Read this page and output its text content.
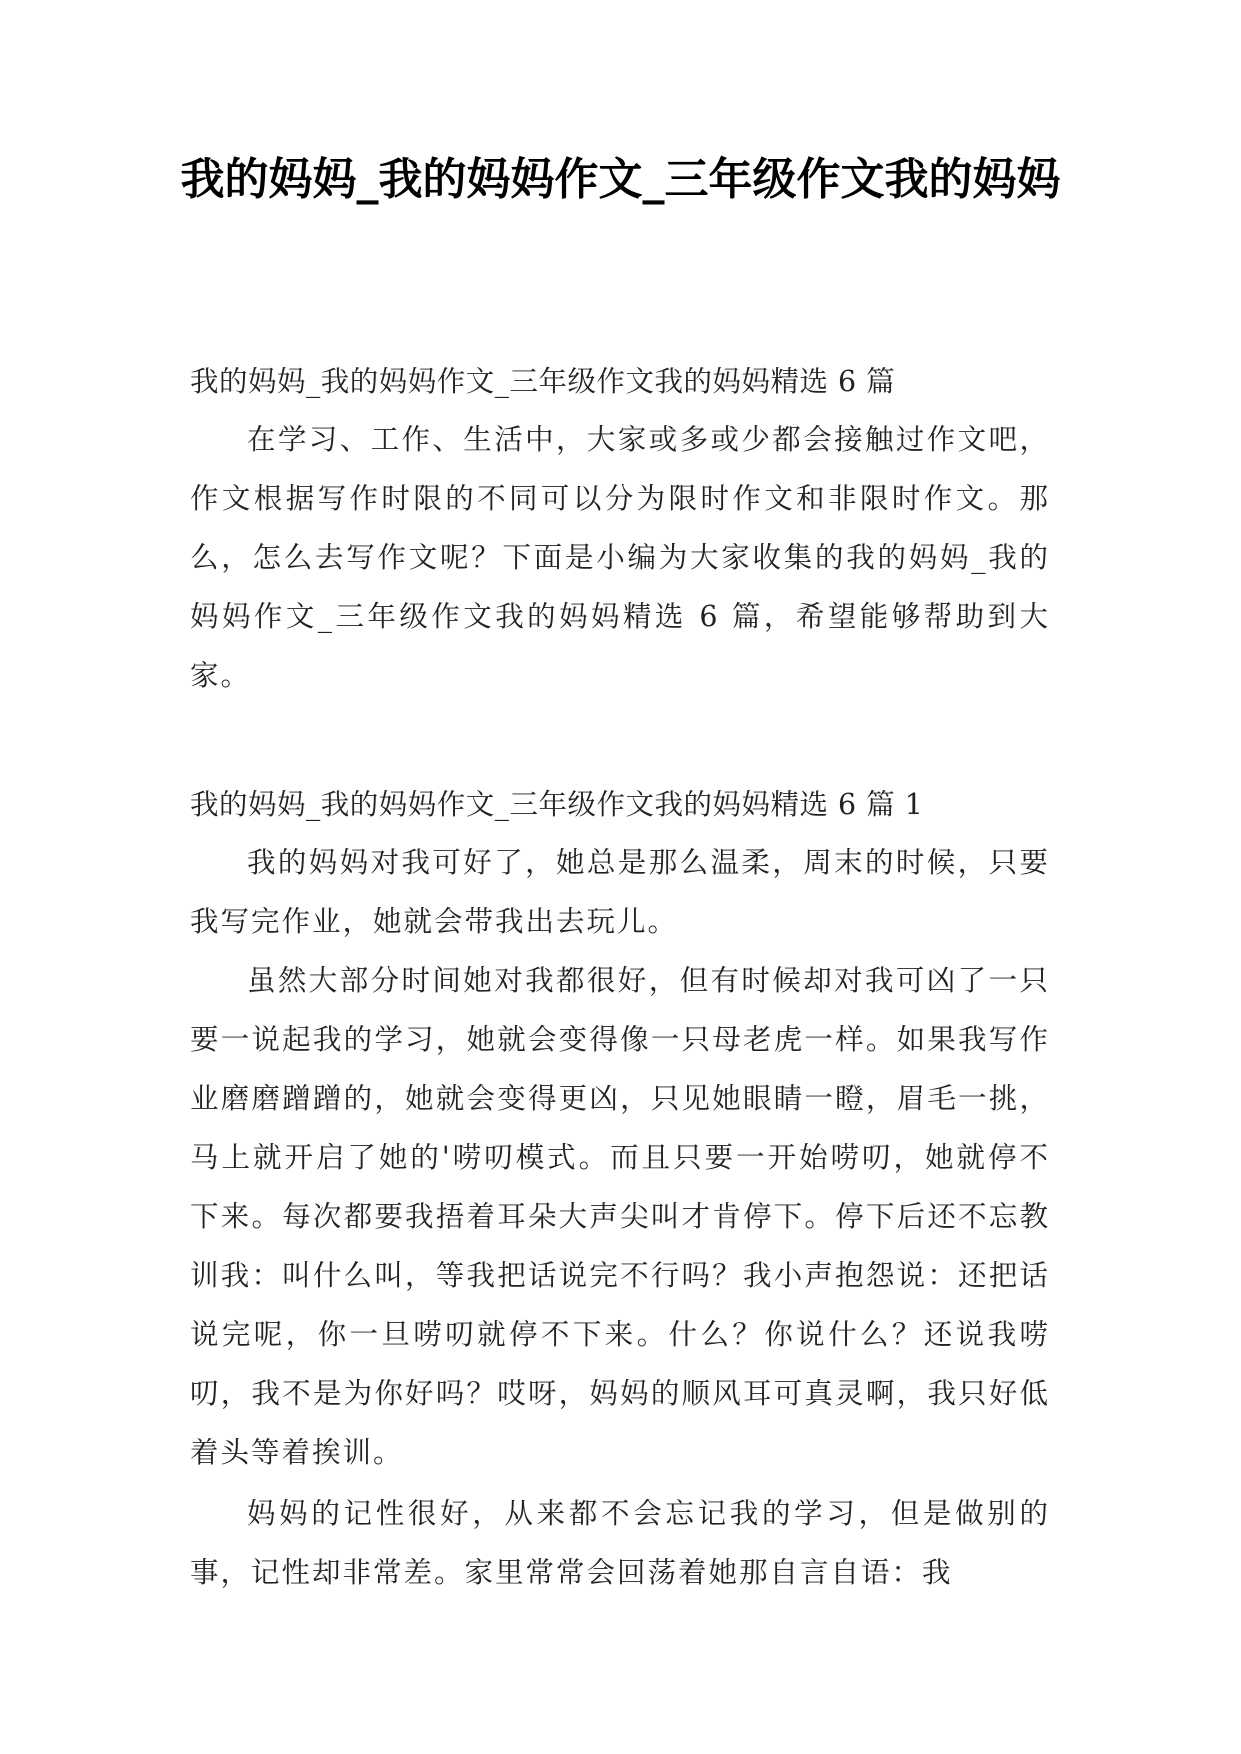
我的妈妈_我的妈妈作文_三年级作文我的妈妈

我的妈妈_我的妈妈作文_三年级作文我的妈妈精选 6 篇

在学习、工作、生活中，大家或多或少都会接触过作文吧，作文根据写作时限的不同可以分为限时作文和非限时作文。那么，怎么去写作文呢？下面是小编为大家收集的我的妈妈_我的妈妈作文_三年级作文我的妈妈精选 6 篇，希望能够帮助到大家。

我的妈妈_我的妈妈作文_三年级作文我的妈妈精选 6 篇 1

我的妈妈对我可好了，她总是那么温柔，周末的时候，只要我写完作业，她就会带我出去玩儿。

虽然大部分时间她对我都很好，但有时候却对我可凶了一只要一说起我的学习，她就会变得像一只母老虎一样。如果我写作业磨磨蹭蹭的，她就会变得更凶，只见她眼睛一瞪，眉毛一挑，马上就开启了她的'唠叨模式。而且只要一开始唠叨，她就停不下来。每次都要我捂着耳朵大声尖叫才肯停下。停下后还不忘教训我：叫什么叫，等我把话说完不行吗？我小声抱怨说：还把话说完呢，你一旦唠叨就停不下来。什么？你说什么？还说我唠叨，我不是为你好吗？哎呀，妈妈的顺风耳可真灵啊，我只好低着头等着挨训。

妈妈的记性很好，从来都不会忘记我的学习，但是做别的事，记性却非常差。家里常常会回荡着她那自言自语：我
